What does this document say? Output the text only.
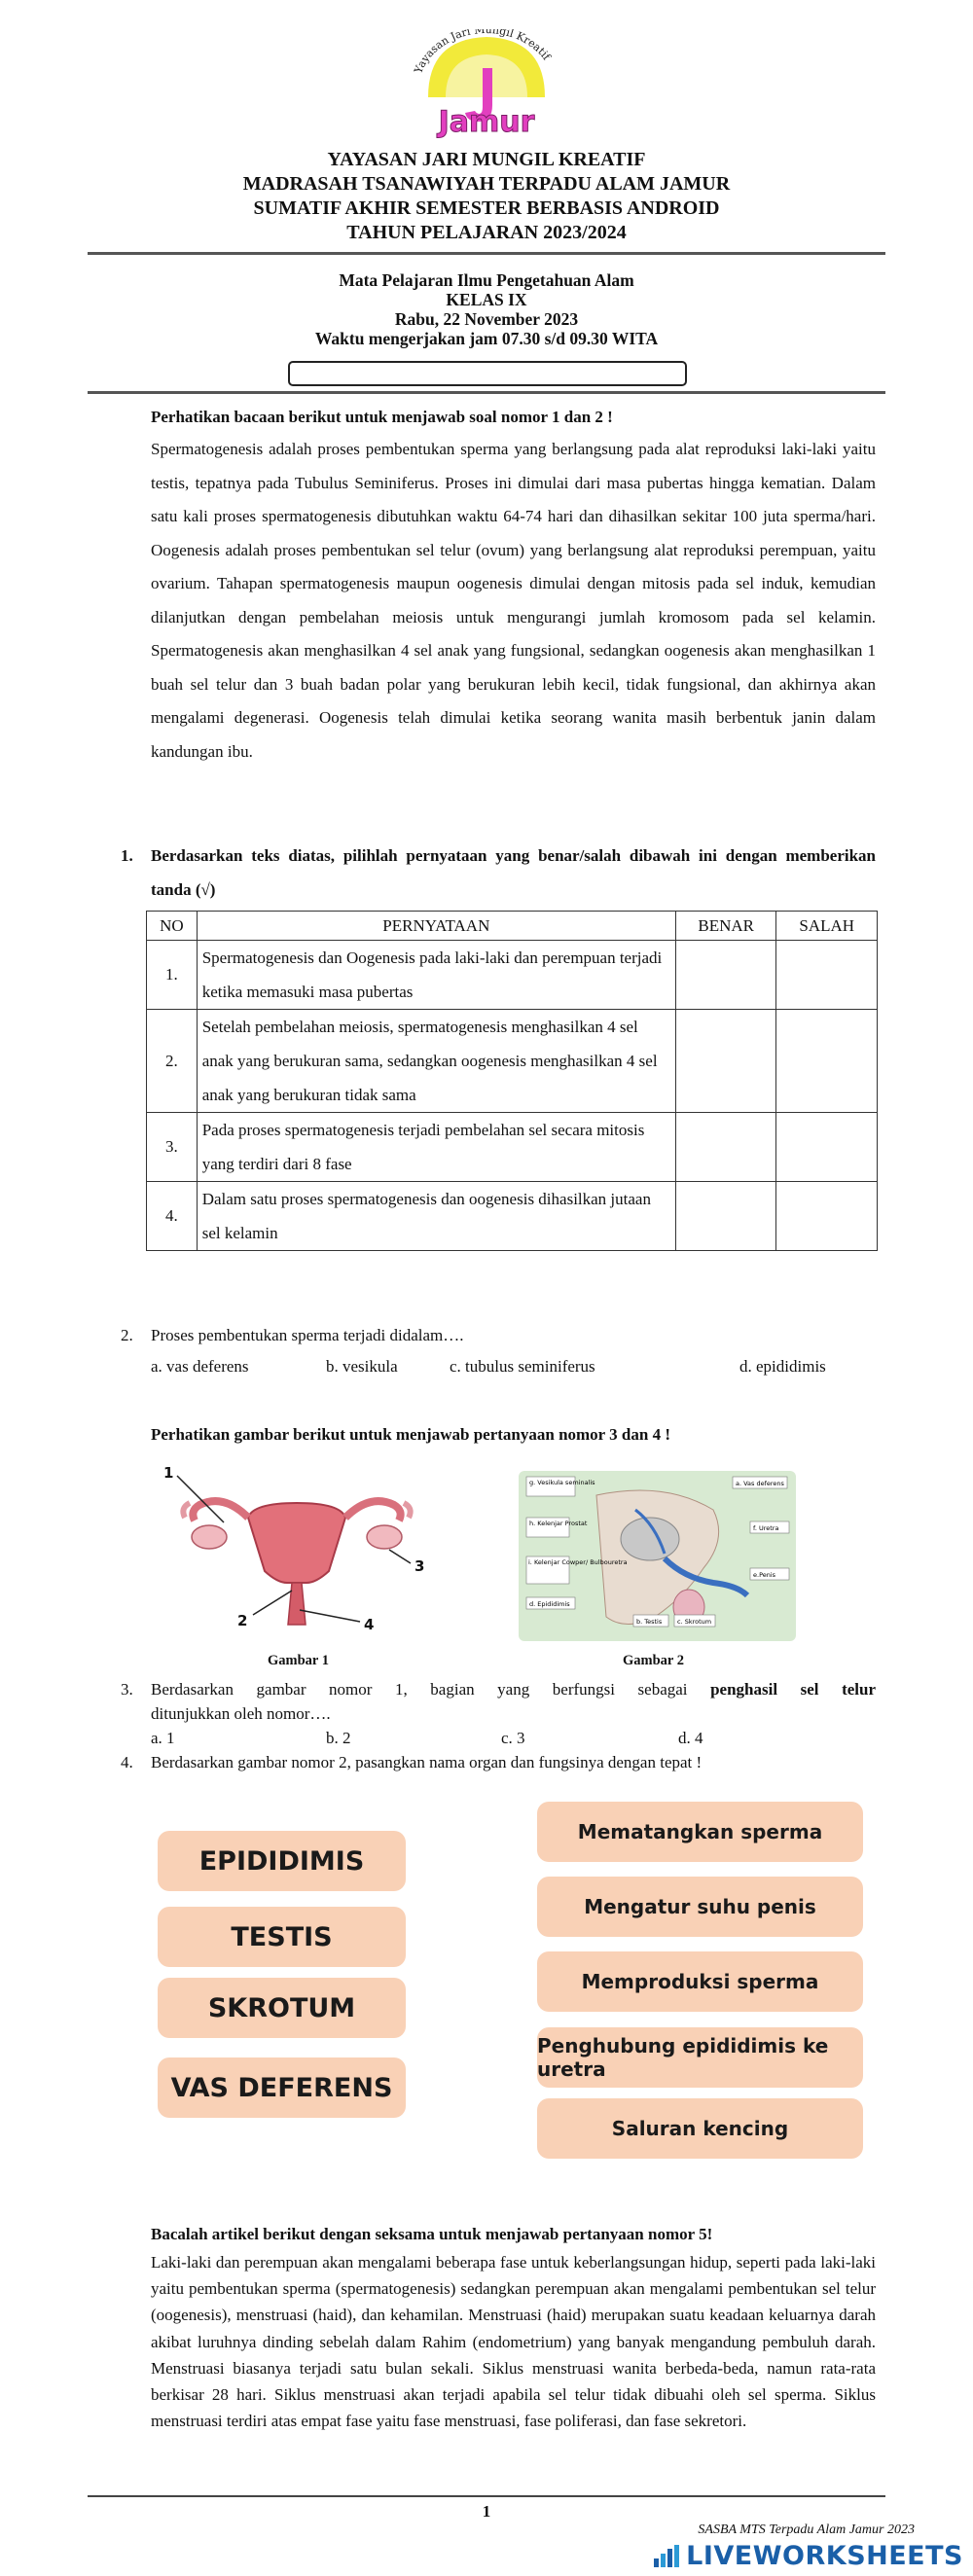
Yayasan Jari Mungil Kreatif
Jamur
YAYASAN JARI MUNGIL KREATIF
MADRASAH TSANAWIYAH TERPADU ALAM JAMUR
SUMATIF AKHIR SEMESTER BERBASIS ANDROID
TAHUN PELAJARAN 2023/2024
Mata Pelajaran Ilmu Pengetahuan Alam
KELAS IX
Rabu, 22 November 2023
Waktu mengerjakan jam 07.30 s/d 09.30 WITA
Perhatikan bacaan berikut untuk menjawab soal nomor 1 dan 2 !
Spermatogenesis adalah proses pembentukan sperma yang berlangsung pada alat reproduksi laki-laki yaitu testis, tepatnya pada Tubulus Seminiferus. Proses ini dimulai dari masa pubertas hingga kematian. Dalam satu kali proses spermatogenesis dibutuhkan waktu 64-74 hari dan dihasilkan sekitar 100 juta sperma/hari. Oogenesis adalah proses pembentukan sel telur (ovum) yang berlangsung alat reproduksi perempuan, yaitu ovarium. Tahapan spermatogenesis maupun oogenesis dimulai dengan mitosis pada sel induk, kemudian dilanjutkan dengan pembelahan meiosis untuk mengurangi jumlah kromosom pada sel kelamin. Spermatogenesis akan menghasilkan 4 sel anak yang fungsional, sedangkan oogenesis akan menghasilkan 1 buah sel telur dan 3 buah badan polar yang berukuran lebih kecil, tidak fungsional, dan akhirnya akan mengalami degenerasi. Oogenesis telah dimulai ketika seorang wanita masih berbentuk janin dalam kandungan ibu.
1. Berdasarkan teks diatas, pilihlah pernyataan yang benar/salah dibawah ini dengan memberikan tanda (√)
NO	PERNYATAAN	BENAR	SALAH
1.	Spermatogenesis dan Oogenesis pada laki-laki dan perempuan terjadi ketika memasuki masa pubertas		
2.	Setelah pembelahan meiosis, spermatogenesis menghasilkan 4 sel anak yang berukuran sama, sedangkan oogenesis menghasilkan 4 sel anak yang berukuran tidak sama		
3.	Pada proses spermatogenesis terjadi pembelahan sel secara mitosis yang terdiri dari 8 fase		
4.	Dalam satu proses spermatogenesis dan oogenesis dihasilkan jutaan sel kelamin		
2. Proses pembentukan sperma terjadi didalam….
a. vas deferens	b. vesikula	c. tubulus seminiferus	d. epididimis
Perhatikan gambar berikut untuk menjawab pertanyaan nomor 3 dan 4 !
1
2
3
4
g. Vesikula seminalis	a. Vas deferens
h. Kelenjar Prostat
f. Uretra
i. Kelenjar Cowper/ Bulbouretra
e.Penis
d. Epididimis
b. Testis c. Skrotum
Gambar 1	Gambar 2
3. Berdasarkan gambar nomor 1, bagian yang berfungsi sebagai penghasil sel telur
ditunjukkan oleh nomor….
a. 1	b. 2	c. 3	d. 4
4. Berdasarkan gambar nomor 2, pasangkan nama organ dan fungsinya dengan tepat !
EPIDIDIMIS
TESTIS
SKROTUM
VAS DEFERENS
Mematangkan sperma
Mengatur suhu penis
Memproduksi sperma
Penghubung epididimis ke uretra
Saluran kencing
Bacalah artikel berikut dengan seksama untuk menjawab pertanyaan nomor 5!
Laki-laki dan perempuan akan mengalami beberapa fase untuk keberlangsungan hidup, seperti pada laki-laki yaitu pembentukan sperma (spermatogenesis) sedangkan perempuan akan mengalami pembentukan sel telur (oogenesis), menstruasi (haid), dan kehamilan. Menstruasi (haid) merupakan suatu keadaan keluarnya darah akibat luruhnya dinding sebelah dalam Rahim (endometrium) yang banyak mengandung pembuluh darah. Menstruasi biasanya terjadi satu bulan sekali. Siklus menstruasi wanita berbeda-beda, namun rata-rata berkisar 28 hari. Siklus menstruasi akan terjadi apabila sel telur tidak dibuahi oleh sel sperma. Siklus menstruasi terdiri atas empat fase yaitu fase menstruasi, fase poliferasi, dan fase sekretori.
1
SASBA MTS Terpadu Alam Jamur 2023
LIVEWORKSHEETS
